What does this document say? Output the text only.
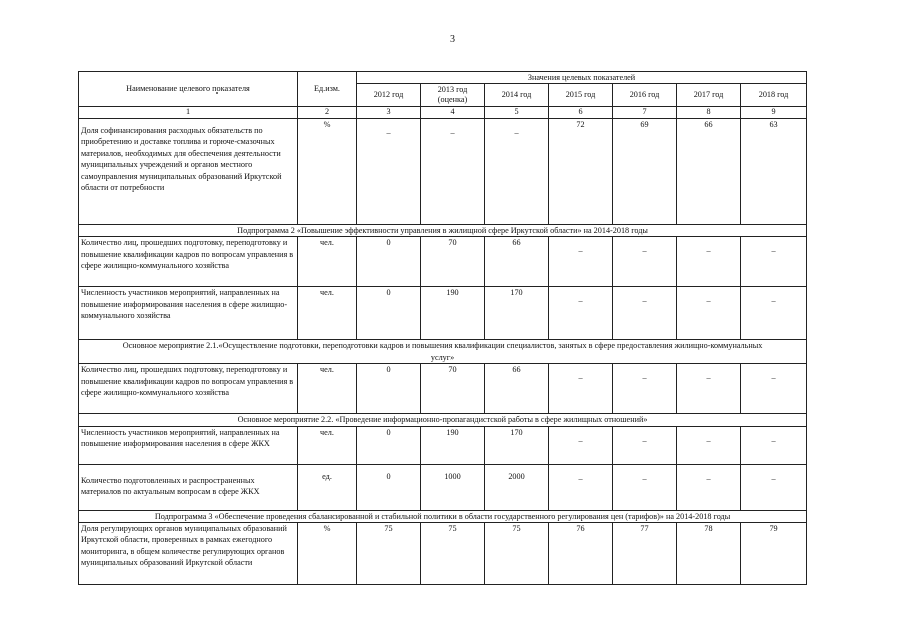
3
Наименование целевого показателя	Ед.изм.	Значения целевых показателей						
		2012 год	2013 год (оценка)	2014 год	2015 год	2016 год	2017 год	2018 год
1	2	3	4	5	6	7	8	9
Доля софинансирования расходных обязательств по приобретению и доставке топлива и горюче-смазочных материалов, необходимых для обеспечения деятельности муниципальных учреждений и органов местного самоуправления муниципальных образований Иркутской области от потребности	%	–	–	–	72	69	66	63
Подпрограмма 2 «Повышение эффективности управления в жилищной сфере Иркутской области» на 2014-2018 годы								
Количество лиц, прошедших подготовку, переподготовку и повышение квалификации кадров по вопросам управления в сфере жилищно-коммунального хозяйства	чел.	0	70	66	–	–	–	–
Численность участников мероприятий, направленных на повышение информирования населения в сфере жилищно-коммунального хозяйства	чел.	0	190	170	–	–	–	–
Основное мероприятие 2.1.«Осуществление подготовки, переподготовки кадров и повышения квалификации специалистов, занятых в сфере предоставления жилищно-коммунальных услуг»								
Количество лиц, прошедших подготовку, переподготовку и повышение квалификации кадров по вопросам управления в сфере жилищно-коммунального хозяйства	чел.	0	70	66	–	–	–	–
Основное мероприятие 2.2. «Проведение информационно-пропагандистской работы в сфере жилищных отношений»								
Численность участников мероприятий, направленных на повышение информирования населения в сфере ЖКХ	чел.	0	190	170	–	–	–	–
Количество подготовленных и распространенных материалов по актуальным вопросам в сфере ЖКХ	ед.	0	1000	2000	–	–	–	–
Подпрограмма 3 «Обеспечение проведения сбалансированной и стабильной политики в области государственного регулирования цен (тарифов)» на 2014-2018 годы								
Доля регулирующих органов муниципальных образований Иркутской области, проверенных в рамках ежегодного мониторинга, в общем количестве регулирующих органов муниципальных образований Иркутской области	%	75	75	75	76	77	78	79
